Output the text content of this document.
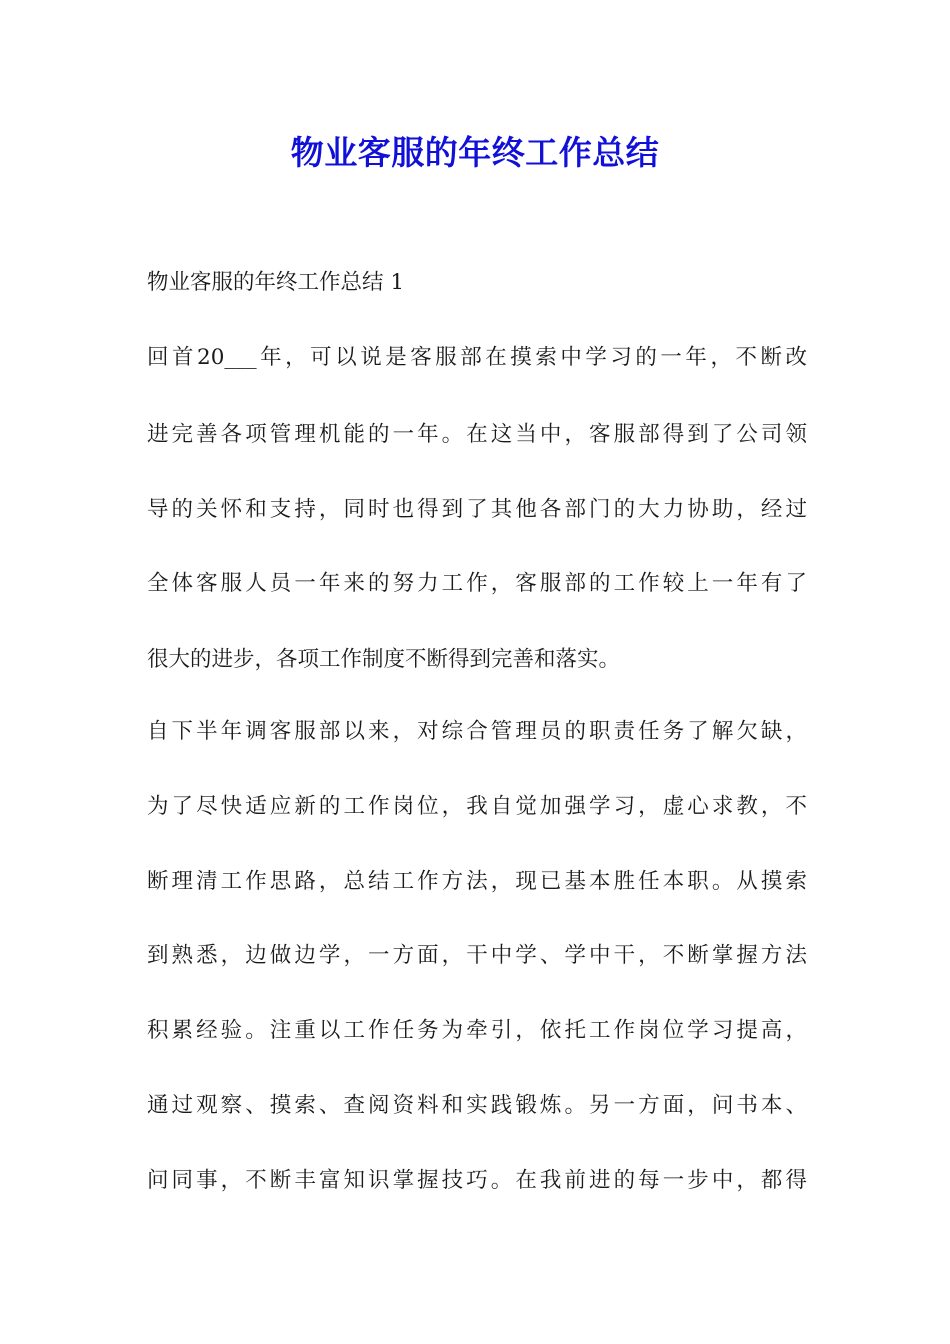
物业客服的年终工作总结
物业客服的年终工作总结 1
回首20___年，可以说是客服部在摸索中学习的一年，不断改
进完善各项管理机能的一年。在这当中，客服部得到了公司领
导的关怀和支持，同时也得到了其他各部门的大力协助，经过
全体客服人员一年来的努力工作，客服部的工作较上一年有了
很大的进步，各项工作制度不断得到完善和落实。
自下半年调客服部以来，对综合管理员的职责任务了解欠缺，
为了尽快适应新的工作岗位，我自觉加强学习，虚心求教，不
断理清工作思路，总结工作方法，现已基本胜任本职。从摸索
到熟悉，边做边学，一方面，干中学、学中干，不断掌握方法
积累经验。注重以工作任务为牵引，依托工作岗位学习提高，
通过观察、摸索、查阅资料和实践锻炼。另一方面，问书本、
问同事，不断丰富知识掌握技巧。在我前进的每一步中，都得
